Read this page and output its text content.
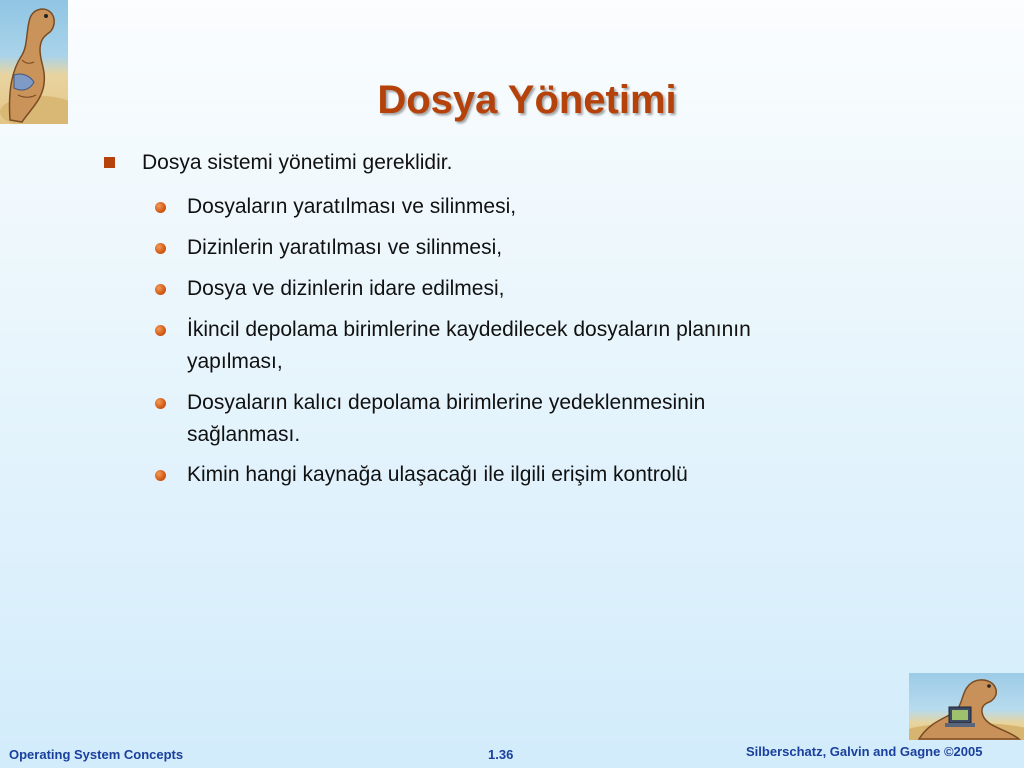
Dosya Yönetimi
Dosya sistemi yönetimi gereklidir.
Dosyaların yaratılması ve silinmesi,
Dizinlerin yaratılması ve silinmesi,
Dosya ve dizinlerin idare edilmesi,
İkincil depolama birimlerine kaydedilecek dosyaların planının
yapılması,
Dosyaların kalıcı depolama birimlerine yedeklenmesinin
sağlanması.
Kimin hangi kaynağa ulaşacağı ile ilgili erişim kontrolü
Operating System Concepts	1.36	Silberschatz, Galvin and Gagne ©2005
